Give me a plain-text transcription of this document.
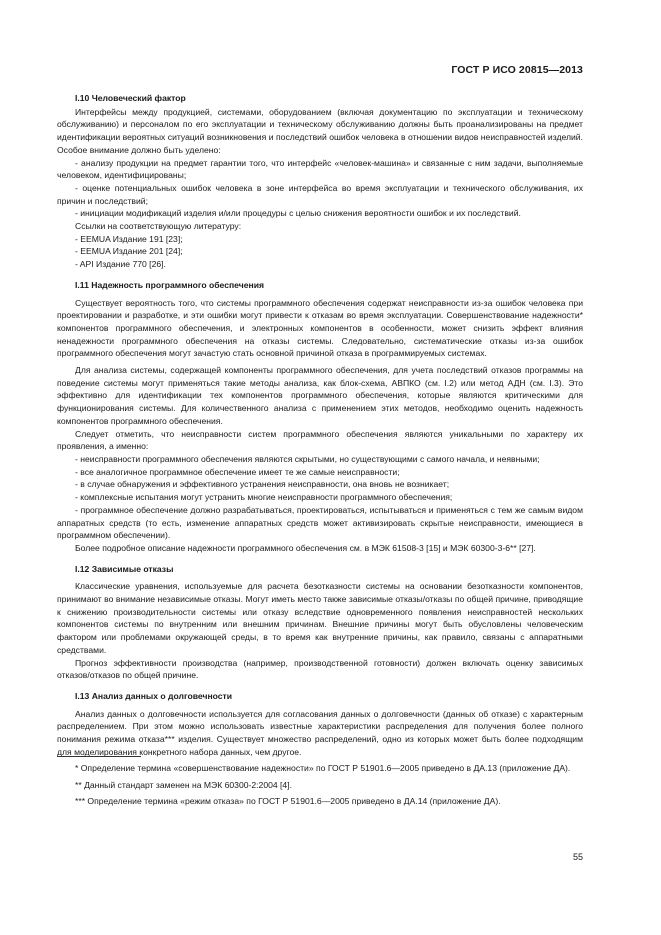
ГОСТ Р ИСО 20815—2013
I.10 Человеческий фактор

Интерфейсы между продукцией, системами, оборудованием (включая документацию по эксплуатации и техническому обслуживанию) и персоналом по его эксплуатации и техническому обслуживанию должны быть проанализированы на предмет идентификации вероятных ситуаций возникновения и последствий ошибок человека в отношении видов неисправностей изделий. Особое внимание должно быть уделено:

- анализу продукции на предмет гарантии того, что интерфейс «человек-машина» и связанные с ним задачи, выполняемые человеком, идентифицированы;

- оценке потенциальных ошибок человека в зоне интерфейса во время эксплуатации и технического обслуживания, их причин и последствий;

- инициации модификаций изделия и/или процедуры с целью снижения вероятности ошибок и их последствий.

Ссылки на соответствующую литературу:

- EEMUA Издание 191 [23];

- EEMUA Издание 201 [24];

- API Издание 770 [26].

I.11 Надежность программного обеспечения

Существует вероятность того, что системы программного обеспечения содержат неисправности из-за ошибок человека при проектировании и разработке, и эти ошибки могут привести к отказам во время эксплуатации. Совершенствование надежности* компонентов программного обеспечения, и электронных компонентов в особенности, может снизить эффект влияния ненадежности программного обеспечения на отказы системы. Следовательно, систематические отказы из-за ошибок программного обеспечения могут зачастую стать основной причиной отказа в программируемых системах.

Для анализа системы, содержащей компоненты программного обеспечения, для учета последствий отказов программы на поведение системы могут применяться такие методы анализа, как блок-схема, АВПКО (см. I.2) или метод АДН (см. I.3). Это эффективно для идентификации тех компонентов программного обеспечения, которые являются критическими для функционирования системы. Для количественного анализа с применением этих методов, необходимо оценить надежность компонентов программного обеспечения.

Следует отметить, что неисправности систем программного обеспечения являются уникальными по характеру их проявления, а именно:

- неисправности программного обеспечения являются скрытыми, но существующими с самого начала, и неявными;

- все аналогичное программное обеспечение имеет те же самые неисправности;

- в случае обнаружения и эффективного устранения неисправности, она вновь не возникает;

- комплексные испытания могут устранить многие неисправности программного обеспечения;

- программное обеспечение должно разрабатываться, проектироваться, испытываться и применяться с тем же самым видом аппаратных средств (то есть, изменение аппаратных средств может активизировать скрытые неисправности, имеющиеся в программном обеспечении).

Более подробное описание надежности программного обеспечения см. в МЭК 61508-3 [15] и МЭК 60300-3-6** [27].

I.12 Зависимые отказы

Классические уравнения, используемые для расчета безотказности системы на основании безотказности компонентов, принимают во внимание независимые отказы. Могут иметь место также зависимые отказы/отказы по общей причине, приводящие к снижению производительности системы или отказу вследствие одновременного появления неисправностей нескольких компонентов системы по внутренним или внешним причинам. Внешние причины могут быть обусловлены человеческим фактором или проблемами окружающей среды, в то время как внутренние причины, как правило, связаны с аппаратными средствами.

Прогноз эффективности производства (например, производственной готовности) должен включать оценку зависимых отказов/отказов по общей причине.

I.13 Анализ данных о долговечности

Анализ данных о долговечности используется для согласования данных о долговечности (данных об отказе) с характерным распределением. При этом можно использовать известные характеристики распределения для получения более полного понимания режима отказа*** изделия. Существует множество распределений, одно из которых может быть более подходящим для моделирования конкретного набора данных, чем другое.

* Определение термина «совершенствование надежности» по ГОСТ Р 51901.6—2005 приведено в ДА.13 (приложение ДА).

** Данный стандарт заменен на МЭК 60300-2:2004 [4].

*** Определение термина «режим отказа» по ГОСТ Р 51901.6—2005 приведено в ДА.14 (приложение ДА).

55
